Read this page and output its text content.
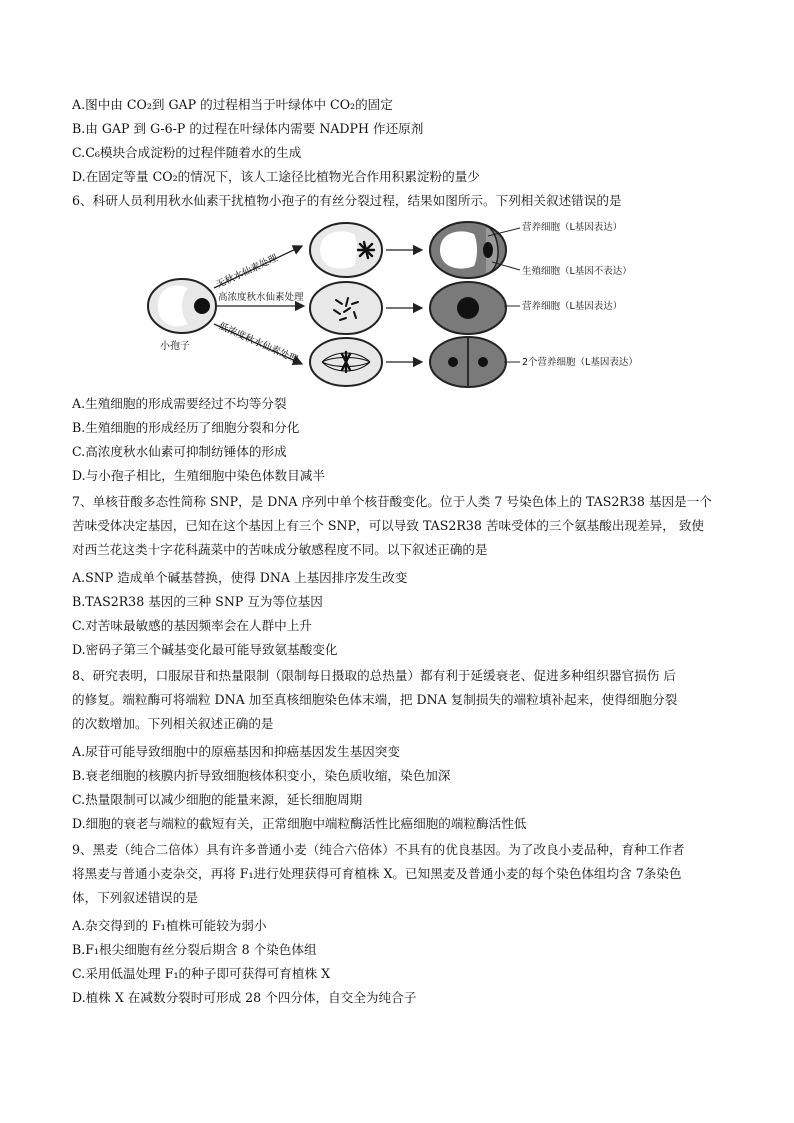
A.图中由 CO₂到 GAP 的过程相当于叶绿体中 CO₂的固定
B.由 GAP 到 G-6-P 的过程在叶绿体内需要 NADPH 作还原剂
C.C₆模块合成淀粉的过程伴随着水的生成
D.在固定等量 CO₂的情况下，该人工途径比植物光合作用积累淀粉的量少
6、科研人员利用秋水仙素干扰植物小孢子的有丝分裂过程，结果如图所示。下列相关叙述错误的是
小孢子
无秋水仙素处理
高浓度秋水仙素处理
低浓度秋水仙素处理
营养细胞（L基因表达）
生殖细胞（L基因不表达）
营养细胞（L基因表达）
2个营养细胞（L基因表达）
A.生殖细胞的形成需要经过不均等分裂
B.生殖细胞的形成经历了细胞分裂和分化
C.高浓度秋水仙素可抑制纺锤体的形成
D.与小孢子相比，生殖细胞中染色体数目减半
7、单核苷酸多态性简称 SNP，是 DNA 序列中单个核苷酸变化。位于人类 7 号染色体上的 TAS2R38 基因是一个
苦味受体决定基因，已知在这个基因上有三个 SNP，可以导致 TAS2R38 苦味受体的三个氨基酸出现差异， 致使
对西兰花这类十字花科蔬菜中的苦味成分敏感程度不同。以下叙述正确的是
A.SNP 造成单个碱基替换，使得 DNA 上基因排序发生改变
B.TAS2R38 基因的三种 SNP 互为等位基因
C.对苦味最敏感的基因频率会在人群中上升
D.密码子第三个碱基变化最可能导致氨基酸变化
8、研究表明，口服尿苷和热量限制（限制每日摄取的总热量）都有利于延缓衰老、促进多种组织器官损伤 后
的修复。端粒酶可将端粒 DNA 加至真核细胞染色体末端，把 DNA 复制损失的端粒填补起来，使得细胞分裂
的次数增加。下列相关叙述正确的是
A.尿苷可能导致细胞中的原癌基因和抑癌基因发生基因突变
B.衰老细胞的核膜内折导致细胞核体积变小，染色质收缩，染色加深
C.热量限制可以减少细胞的能量来源，延长细胞周期
D.细胞的衰老与端粒的截短有关，正常细胞中端粒酶活性比癌细胞的端粒酶活性低
9、黑麦（纯合二倍体）具有许多普通小麦（纯合六倍体）不具有的优良基因。为了改良小麦品种，育种工作者
将黑麦与普通小麦杂交，再将 F₁进行处理获得可育植株 X。已知黑麦及普通小麦的每个染色体组均含 7条染色
体，下列叙述错误的是
A.杂交得到的 F₁植株可能较为弱小
B.F₁根尖细胞有丝分裂后期含 8 个染色体组
C.采用低温处理 F₁的种子即可获得可育植株 X
D.植株 X 在减数分裂时可形成 28 个四分体，自交全为纯合子
